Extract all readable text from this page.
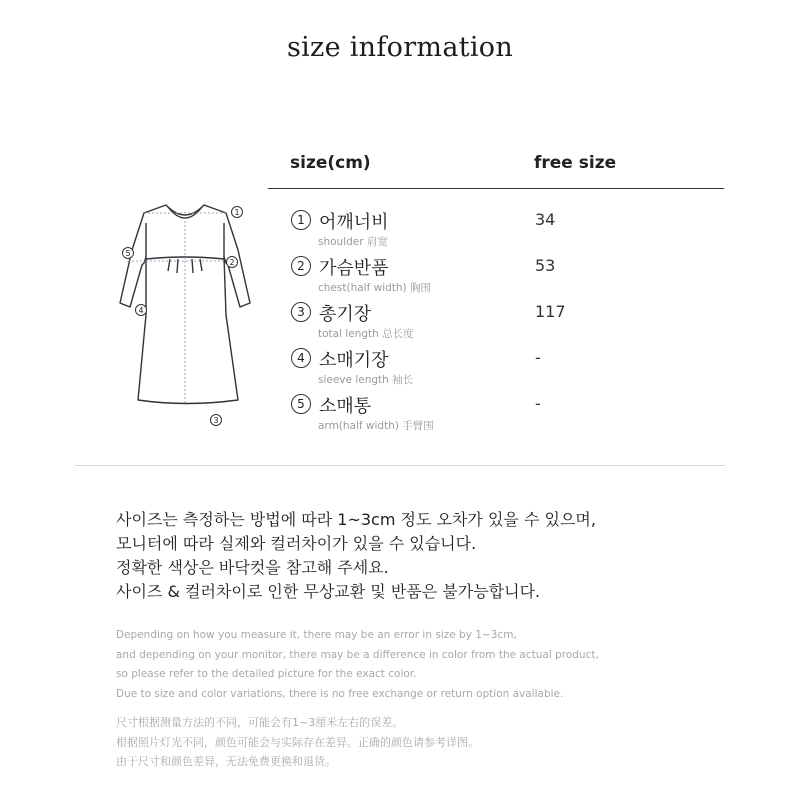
size information
1
2
3
4
5
size(cm)	free size
1 어깨너비
shoulder 肩宽
34
2 가슴반품
chest(half width) 胸围
53
3 총기장
total length 总长度
117
4 소매기장
sleeve length 袖长
-
5 소매통
arm(half width) 手臂围
-
사이즈는 측정하는 방법에 따라 1~3cm 정도 오차가 있을 수 있으며,
모니터에 따라 실제와 컬러차이가 있을 수 있습니다.
정확한 색상은 바닥컷을 참고해 주세요.
사이즈 & 컬러차이로 인한 무상교환 및 반품은 불가능합니다.
Depending on how you measure it, there may be an error in size by 1~3cm,
and depending on your monitor, there may be a difference in color from the actual product,
so please refer to the detailed picture for the exact color.
Due to size and color variations, there is no free exchange or return option available.
尺寸根据测量方法的不同，可能会有1~3厘米左右的误差。
根据照片灯光不同，颜色可能会与实际存在差异。正确的颜色请参考详图。
由于尺寸和颜色差异，无法免费更换和退货。
